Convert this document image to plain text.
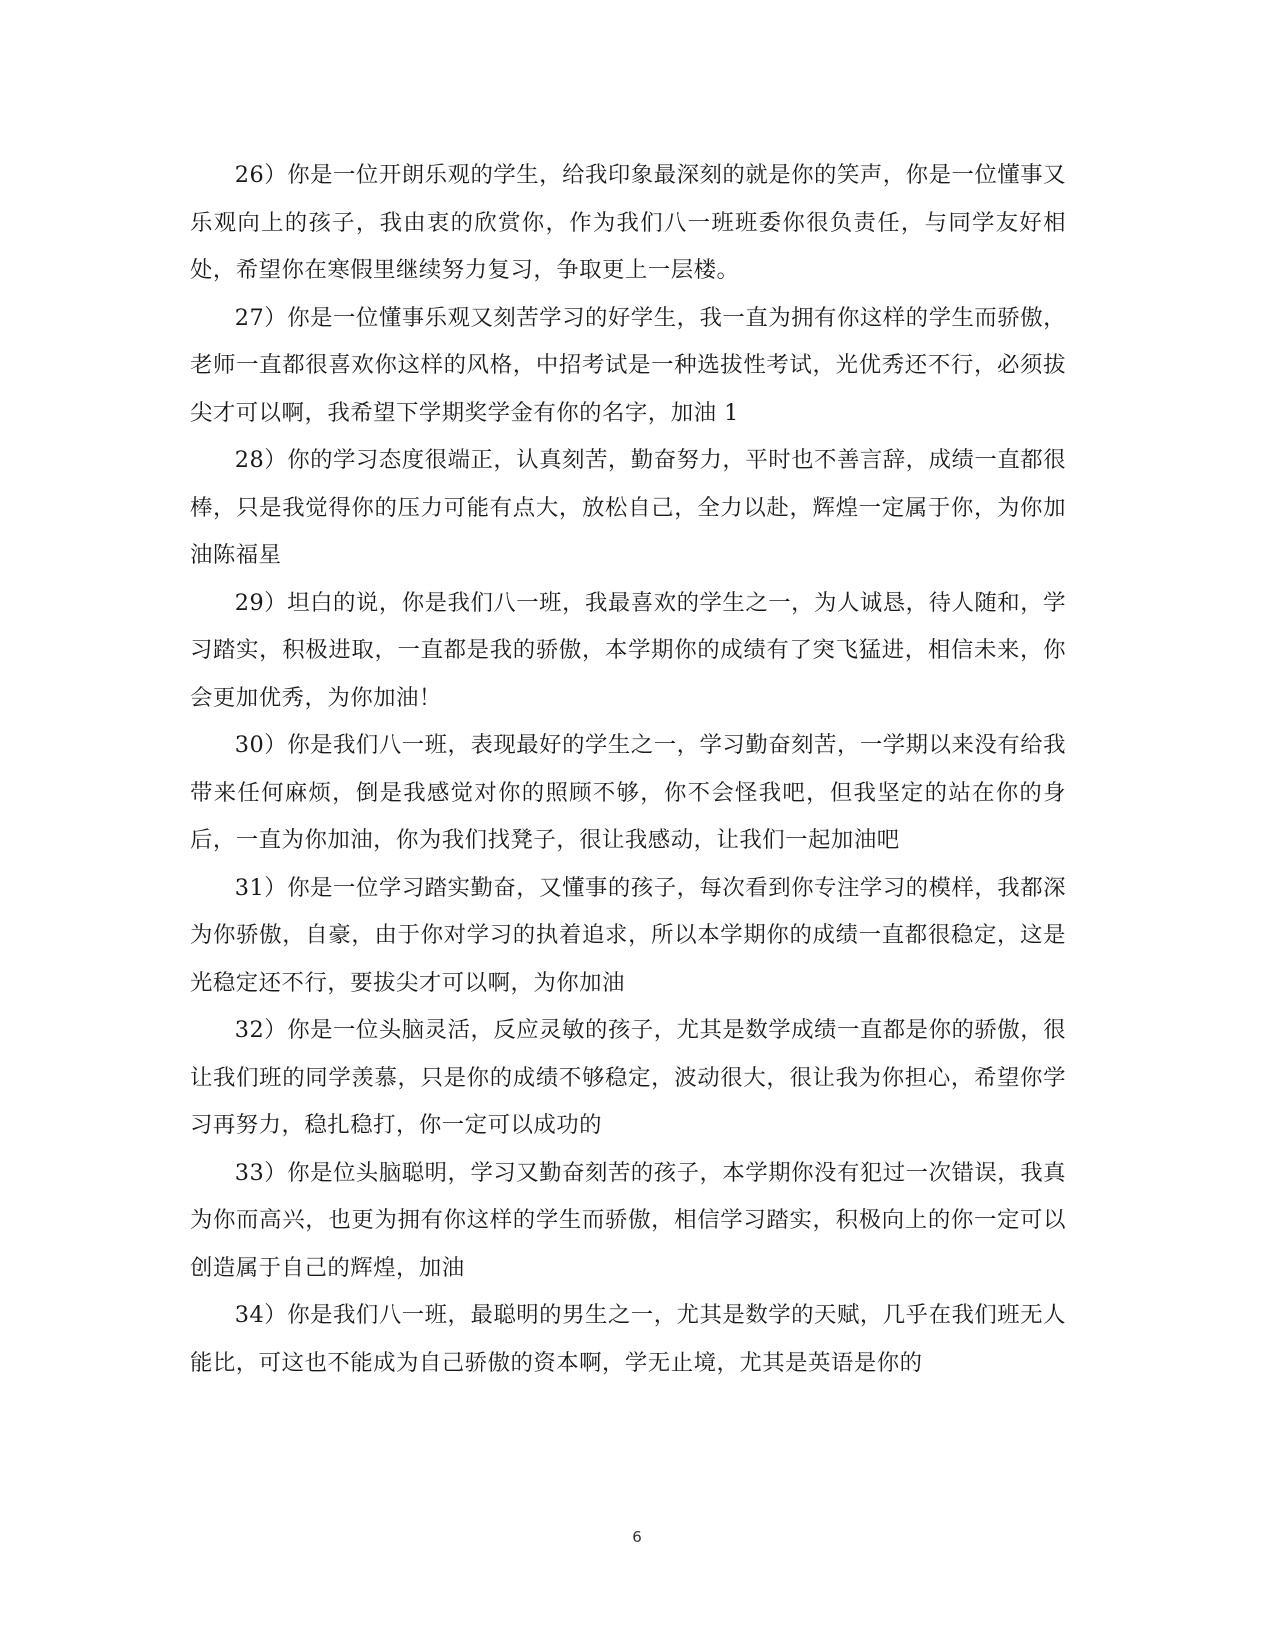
26）你是一位开朗乐观的学生，给我印象最深刻的就是你的笑声，你是一位懂事又乐观向上的孩子，我由衷的欣赏你，作为我们八一班班委你很负责任，与同学友好相处，希望你在寒假里继续努力复习，争取更上一层楼。

27）你是一位懂事乐观又刻苦学习的好学生，我一直为拥有你这样的学生而骄傲，老师一直都很喜欢你这样的风格，中招考试是一种选拔性考试，光优秀还不行，必须拔尖才可以啊，我希望下学期奖学金有你的名字，加油 1

28）你的学习态度很端正，认真刻苦，勤奋努力，平时也不善言辞，成绩一直都很棒，只是我觉得你的压力可能有点大，放松自己，全力以赴，辉煌一定属于你，为你加油陈福星

29）坦白的说，你是我们八一班，我最喜欢的学生之一，为人诚恳，待人随和，学习踏实，积极进取，一直都是我的骄傲，本学期你的成绩有了突飞猛进，相信未来，你会更加优秀，为你加油！

30）你是我们八一班，表现最好的学生之一，学习勤奋刻苦，一学期以来没有给我带来任何麻烦，倒是我感觉对你的照顾不够，你不会怪我吧，但我坚定的站在你的身后，一直为你加油，你为我们找凳子，很让我感动，让我们一起加油吧

31）你是一位学习踏实勤奋，又懂事的孩子，每次看到你专注学习的模样，我都深为你骄傲，自豪，由于你对学习的执着追求，所以本学期你的成绩一直都很稳定，这是光稳定还不行，要拔尖才可以啊，为你加油

32）你是一位头脑灵活，反应灵敏的孩子，尤其是数学成绩一直都是你的骄傲，很让我们班的同学羡慕，只是你的成绩不够稳定，波动很大，很让我为你担心，希望你学习再努力，稳扎稳打，你一定可以成功的

33）你是位头脑聪明，学习又勤奋刻苦的孩子，本学期你没有犯过一次错误，我真为你而高兴，也更为拥有你这样的学生而骄傲，相信学习踏实，积极向上的你一定可以创造属于自己的辉煌，加油

34）你是我们八一班，最聪明的男生之一，尤其是数学的天赋，几乎在我们班无人能比，可这也不能成为自己骄傲的资本啊，学无止境，尤其是英语是你的

6
